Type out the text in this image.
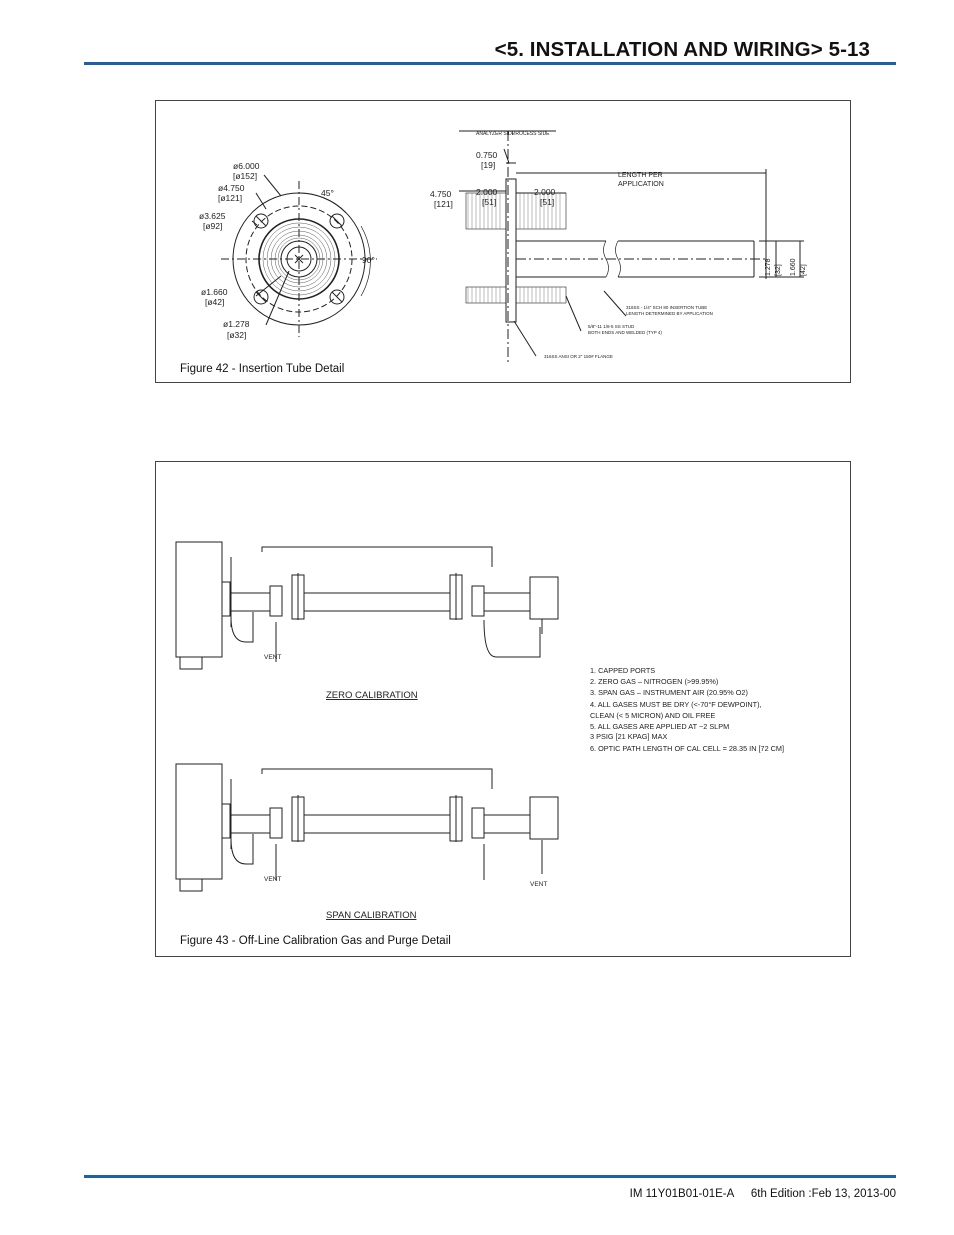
<5. INSTALLATION AND WIRING> 5-13
ø6.000
[ø152]
ø4.750
[ø121]
ø3.625
[ø92]
ø1.660
[ø42]
ø1.278
[ø32]
45°
90°
ANALYZER SIDE
PROCESS SIDE
0.750
[19]
4.750
[121]
2.000
[51]
2.000
[51]
LENGTH PER
APPLICATION
1.278 [32] 1.660 [42]
316SS - 1/4" SCH 80 INSERTION TUBE
LENGTH DETERMINED BY APPLICATION
5/8"-11 1/8-5 SS STUD
BOTH ENDS AND WELDED (TYP 4)
316SS ANSI OR 2" 150# FLANGE
Figure 42 - Insertion Tube Detail
VENT
VENT
VENT
ZERO CALIBRATION
SPAN CALIBRATION
1. CAPPED PORTS
2. ZERO GAS – NITROGEN (>99.95%)
3. SPAN GAS – INSTRUMENT AIR (20.95% O2)
4. ALL GASES MUST BE DRY (<-70°F DEWPOINT),
CLEAN (< 5 MICRON) AND OIL FREE
5. ALL GASES ARE APPLIED AT ~2 SLPM
3 PSIG [21 KPAG] MAX
6. OPTIC PATH LENGTH OF CAL CELL = 28.35 IN [72 CM]
Figure 43 - Off-Line Calibration Gas and Purge Detail
IM 11Y01B01-01E-A 6th Edition :Feb 13, 2013-00
